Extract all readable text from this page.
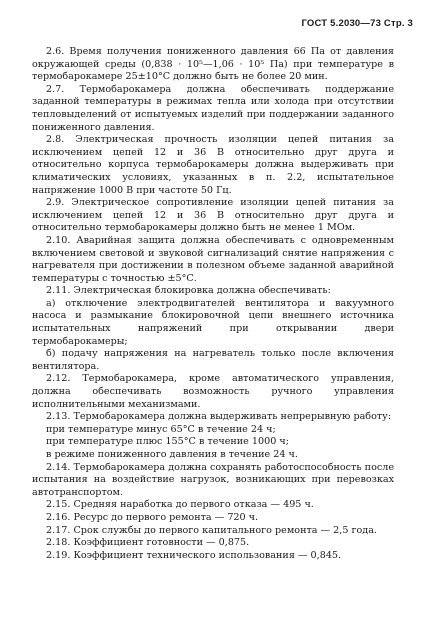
ГОСТ 5.2030—73 Стр. 3

2.6. Время получения пониженного давления 66 Па от давления окружающей среды (0,838 · 10⁵—1,06 · 10⁵ Па) при температуре в термобарокамере 25±10°С должно быть не более 20 мин.

2.7. Термобарокамера должна обеспечивать поддержание заданной температуры в режимах тепла или холода при отсутствии тепловыделений от испытуемых изделий при поддержании заданного пониженного давления.

2.8. Электрическая прочность изоляции цепей питания за исключением цепей 12 и 36 В относительно друг друга и относительно корпуса термобарокамеры должна выдерживать при климатических условиях, указанных в п. 2.2, испытательное напряжение 1000 В при частоте 50 Гц.

2.9. Электрическое сопротивление изоляции цепей питания за исключением цепей 12 и 36 В относительно друг друга и относительно термобарокамеры должно быть не менее 1 МОм.

2.10. Аварийная защита должна обеспечивать с одновременным включением световой и звуковой сигнализаций снятие напряжения с нагревателя при достижении в полезном объеме заданной аварийной температуры с точностью ±5°С.

2.11. Электрическая блокировка должна обеспечивать:

а) отключение электродвигателей вентилятора и вакуумного насоса и размыкание блокировочной цепи внешнего источника испытательных напряжений при открывании двери термобарокамеры;

б) подачу напряжения на нагреватель только после включения вентилятора.

2.12. Термобарокамера, кроме автоматического управления, должна обеспечивать возможность ручного управления исполнительными механизмами.

2.13. Термобарокамера должна выдерживать непрерывную работу:

при температуре минус 65°С в течение 24 ч;

при температуре плюс 155°С в течение 1000 ч;

в режиме пониженного давления в течение 24 ч.

2.14. Термобарокамера должна сохранять работоспособность после испытания на воздействие нагрузок, возникающих при перевозках автотранспортом.

2.15. Средняя наработка до первого отказа — 495 ч.

2.16. Ресурс до первого ремонта — 720 ч.

2.17. Срок службы до первого капитального ремонта — 2,5 года.

2.18. Коэффициент готовности — 0,875.

2.19. Коэффициент технического использования — 0,845.
